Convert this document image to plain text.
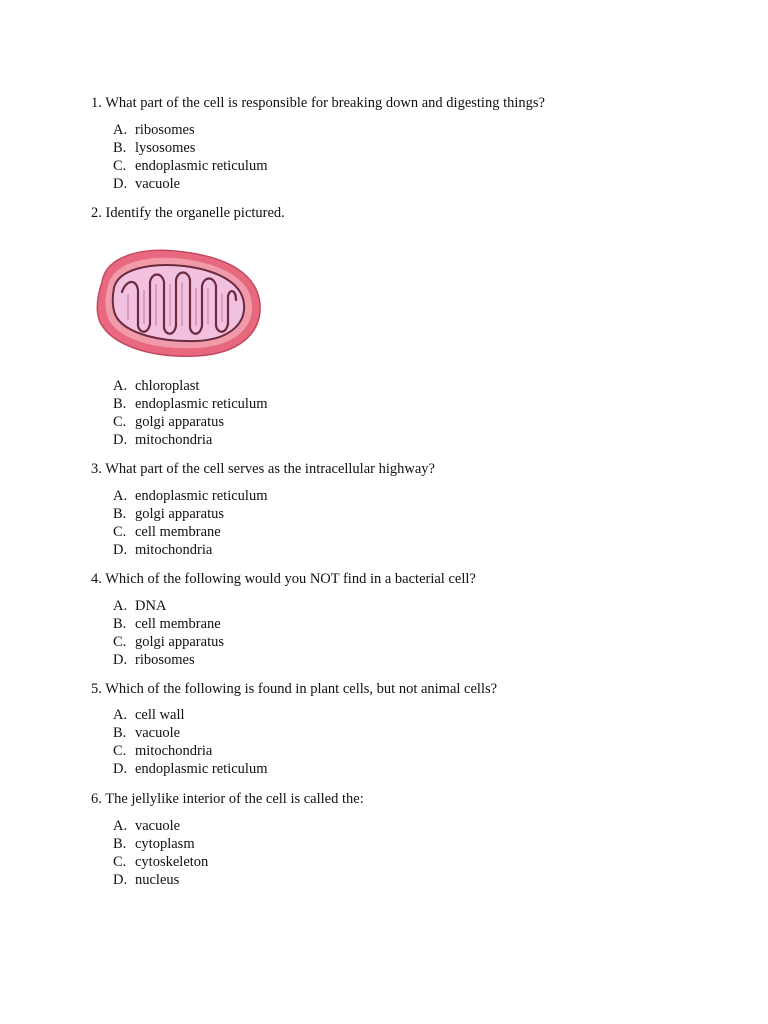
1. What part of the cell is responsible for breaking down and digesting things?
A. ribosomes
B. lysosomes
C. endoplasmic reticulum
D. vacuole
2. Identify the organelle pictured.
A. chloroplast
B. endoplasmic reticulum
C. golgi apparatus
D. mitochondria
3. What part of the cell serves as the intracellular highway?
A. endoplasmic reticulum
B. golgi apparatus
C. cell membrane
D. mitochondria
4. Which of the following would you NOT find in a bacterial cell?
A. DNA
B. cell membrane
C. golgi apparatus
D. ribosomes
5. Which of the following is found in plant cells, but not animal cells?
A. cell wall
B. vacuole
C. mitochondria
D. endoplasmic reticulum
6. The jellylike interior of the cell is called the:
A. vacuole
B. cytoplasm
C. cytoskeleton
D. nucleus
